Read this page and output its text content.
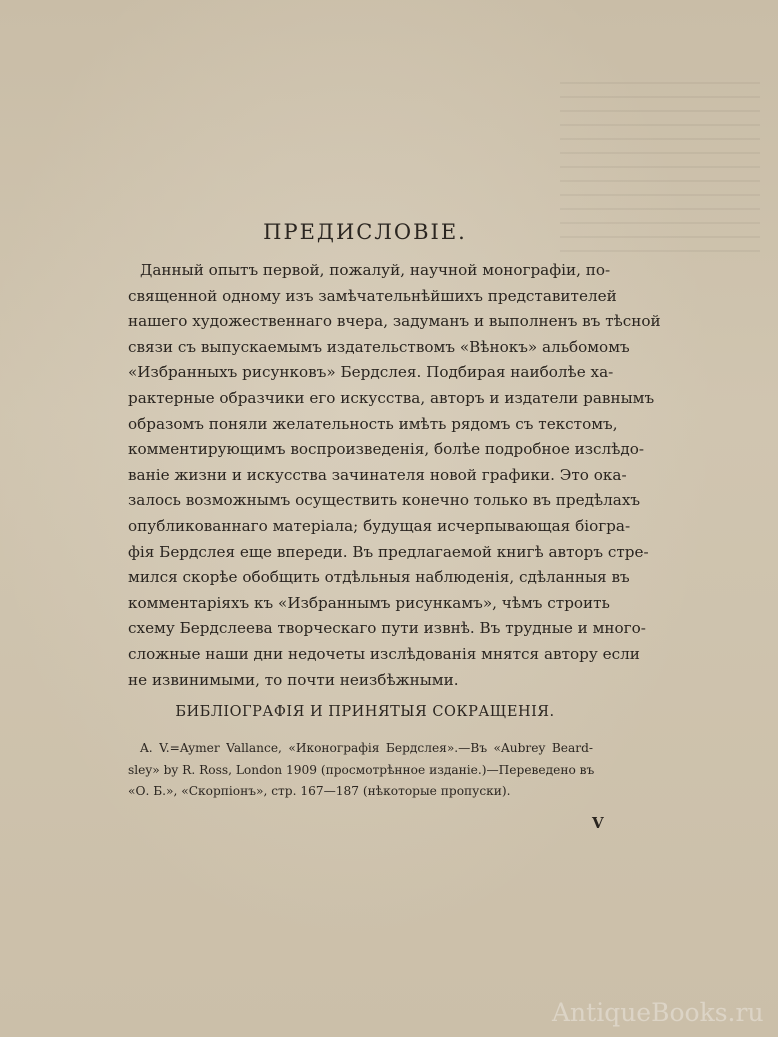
ПРЕДИСЛОВІЕ.
Данный опытъ первой, пожалуй, научной монографіи, по-
священной одному изъ замѣчательнѣйшихъ представителей
нашего художественнаго вчера, задуманъ и выполненъ въ тѣсной
связи съ выпускаемымъ издательствомъ «Вѣнокъ» альбомомъ
«Избранныхъ рисунковъ» Бердслея. Подбирая наиболѣе ха-
рактерные образчики его искусства, авторъ и издатели равнымъ
образомъ поняли желательность имѣть рядомъ съ текстомъ,
комментирующимъ воспроизведенія, болѣе подробное изслѣдо-
ваніе жизни и искусства зачинателя новой графики. Это ока-
залось возможнымъ осуществить конечно только въ предѣлахъ
опубликованнаго матеріала; будущая исчерпывающая біогра-
фія Бердслея еще впереди. Въ предлагаемой книгѣ авторъ стре-
мился скорѣе обобщить отдѣльныя наблюденія, сдѣланныя въ
комментаріяхъ къ «Избраннымъ рисункамъ», чѣмъ строить
схему Бердслеева творческаго пути извнѣ. Въ трудные и много-
сложные наши дни недочеты изслѣдованія мнятся автору если
не извинимыми, то почти неизбѣжными.
БИБЛІОГРАФІЯ И ПРИНЯТЫЯ СОКРАЩЕНІЯ.
A. V.=Aymer Vallance, «Иконографія Бердслея».—Въ «Aubrey Beard-
sley» by R. Ross, London 1909 (просмотрѣнное изданіе.)—Переведено въ
«О. Б.», «Скорпіонъ», стр. 167—187 (нѣкоторые пропуски).
V
AntiqueBooks.ru
